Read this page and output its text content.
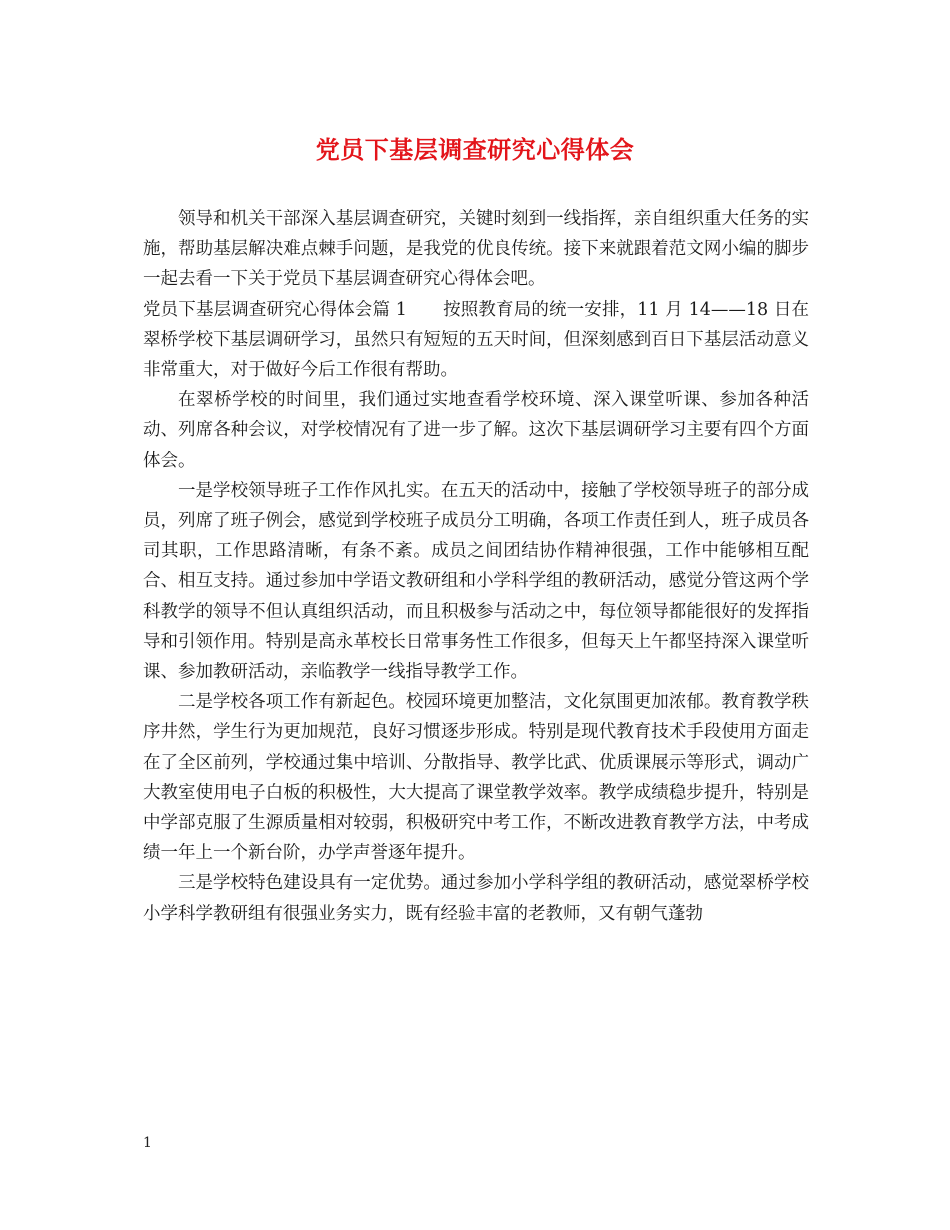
党员下基层调查研究心得体会

领导和机关干部深入基层调查研究，关键时刻到一线指挥，亲自组织重大任务的实施，帮助基层解决难点棘手问题，是我党的优良传统。接下来就跟着范文网小编的脚步一起去看一下关于党员下基层调查研究心得体会吧。

党员下基层调查研究心得体会篇 1 按照教育局的统一安排，11 月 14——18 日在翠桥学校下基层调研学习，虽然只有短短的五天时间，但深刻感到百日下基层活动意义非常重大，对于做好今后工作很有帮助。

在翠桥学校的时间里，我们通过实地查看学校环境、深入课堂听课、参加各种活动、列席各种会议，对学校情况有了进一步了解。这次下基层调研学习主要有四个方面体会。

一是学校领导班子工作作风扎实。在五天的活动中，接触了学校领导班子的部分成员，列席了班子例会，感觉到学校班子成员分工明确，各项工作责任到人，班子成员各司其职，工作思路清晰，有条不紊。成员之间团结协作精神很强，工作中能够相互配合、相互支持。通过参加中学语文教研组和小学科学组的教研活动，感觉分管这两个学科教学的领导不但认真组织活动，而且积极参与活动之中，每位领导都能很好的发挥指导和引领作用。特别是高永革校长日常事务性工作很多，但每天上午都坚持深入课堂听课、参加教研活动，亲临教学一线指导教学工作。

二是学校各项工作有新起色。校园环境更加整洁，文化氛围更加浓郁。教育教学秩序井然，学生行为更加规范，良好习惯逐步形成。特别是现代教育技术手段使用方面走在了全区前列，学校通过集中培训、分散指导、教学比武、优质课展示等形式，调动广大教室使用电子白板的积极性，大大提高了课堂教学效率。教学成绩稳步提升，特别是中学部克服了生源质量相对较弱，积极研究中考工作，不断改进教育教学方法，中考成绩一年上一个新台阶，办学声誉逐年提升。

三是学校特色建设具有一定优势。通过参加小学科学组的教研活动，感觉翠桥学校小学科学教研组有很强业务实力，既有经验丰富的老教师，又有朝气蓬勃

1
